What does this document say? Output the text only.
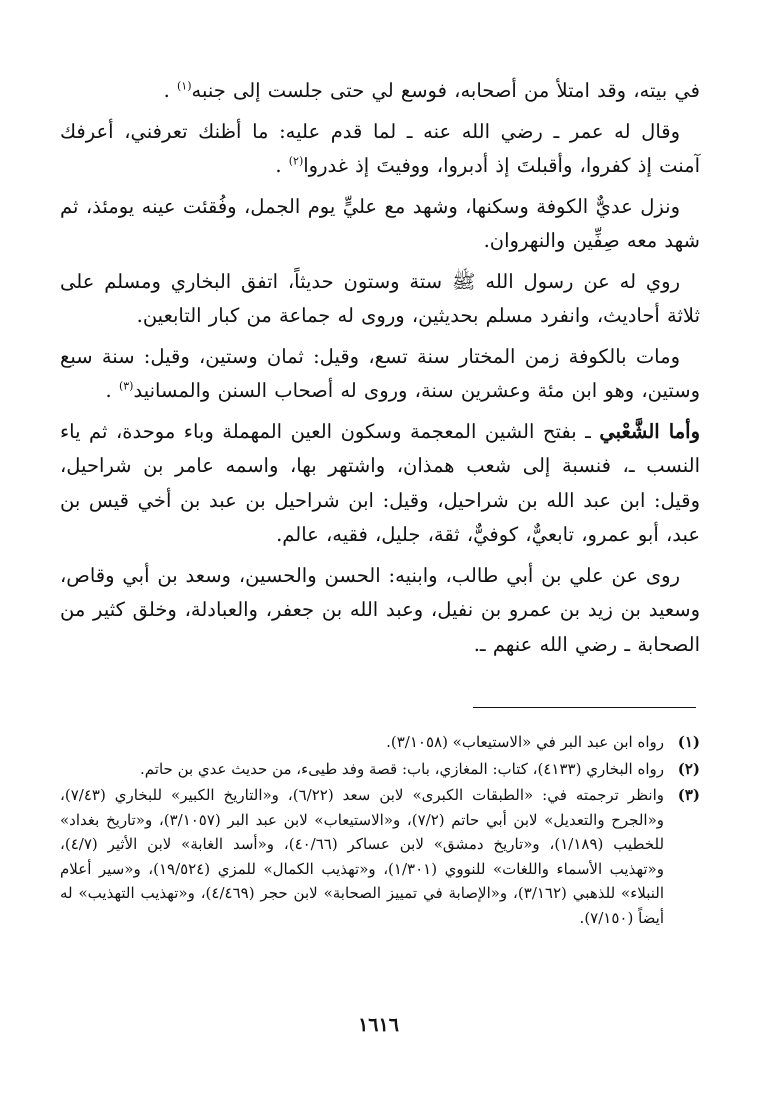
في بيته، وقد امتلأ من أصحابه، فوسع لي حتى جلست إلى جنبه$^{(١)}$ .

وقال له عمر ـ رضي الله عنه ـ لما قدم عليه: ما أظنك تعرفني، أعرفك آمنت إذ كفروا، وأقبلتَ إذ أدبروا، ووفيتَ إذ غدروا$^{(٢)}$ .

ونزل عديٌّ الكوفة وسكنها، وشهد مع عليٍّ يوم الجمل، وفُقئت عينه يومئذ، ثم شهد معه صِفِّين والنهروان.

روي له عن رسول الله ﷺ ستة وستون حديثاً، اتفق البخاري ومسلم على ثلاثة أحاديث، وانفرد مسلم بحديثين، وروى له جماعة من كبار التابعين.

ومات بالكوفة زمن المختار سنة تسع، وقيل: ثمان وستين، وقيل: سنة سبع وستين، وهو ابن مئة وعشرين سنة، وروى له أصحاب السنن والمسانيد$^{(٣)}$ .

وأما الشَّعْبي ـ بفتح الشين المعجمة وسكون العين المهملة وباء موحدة، ثم ياء النسب ـ، فنسبة إلى شعب همذان، واشتهر بها، واسمه عامر بن شراحيل، وقيل: ابن عبد الله بن شراحيل، وقيل: ابن شراحيل بن عبد بن أخي قيس بن عبد، أبو عمرو، تابعيٌّ، كوفيٌّ، ثقة، جليل، فقيه، عالم.

روى عن علي بن أبي طالب، وابنيه: الحسن والحسين، وسعد بن أبي وقاص، وسعيد بن زيد بن عمرو بن نفيل، وعبد الله بن جعفر، والعبادلة، وخلق كثير من الصحابة ـ رضي الله عنهم ـ.

(١)
رواه ابن عبد البر في «الاستيعاب» (٣/١٠٥٨).
(٢)
رواه البخاري (٤١٣٣)، كتاب: المغازي، باب: قصة وفد طيىء، من حديث عدي بن حاتم.
(٣)
وانظر ترجمته في: «الطبقات الكبرى» لابن سعد (٦/٢٢)، و«التاريخ الكبير» للبخاري (٧/٤٣)، و«الجرح والتعديل» لابن أبي حاتم (٧/٢)، و«الاستيعاب» لابن عبد البر (٣/١٠٥٧)، و«تاريخ بغداد» للخطيب (١/١٨٩)، و«تاريخ دمشق» لابن عساكر (٤٠/٦٦)، و«أسد الغابة» لابن الأثير (٤/٧)، و«تهذيب الأسماء واللغات» للنووي (١/٣٠١)، و«تهذيب الكمال» للمزي (١٩/٥٢٤)، و«سير أعلام النبلاء» للذهبي (٣/١٦٢)، و«الإصابة في تمييز الصحابة» لابن حجر (٤/٤٦٩)، و«تهذيب التهذيب» له أيضاً (٧/١٥٠).
١٦١٦
